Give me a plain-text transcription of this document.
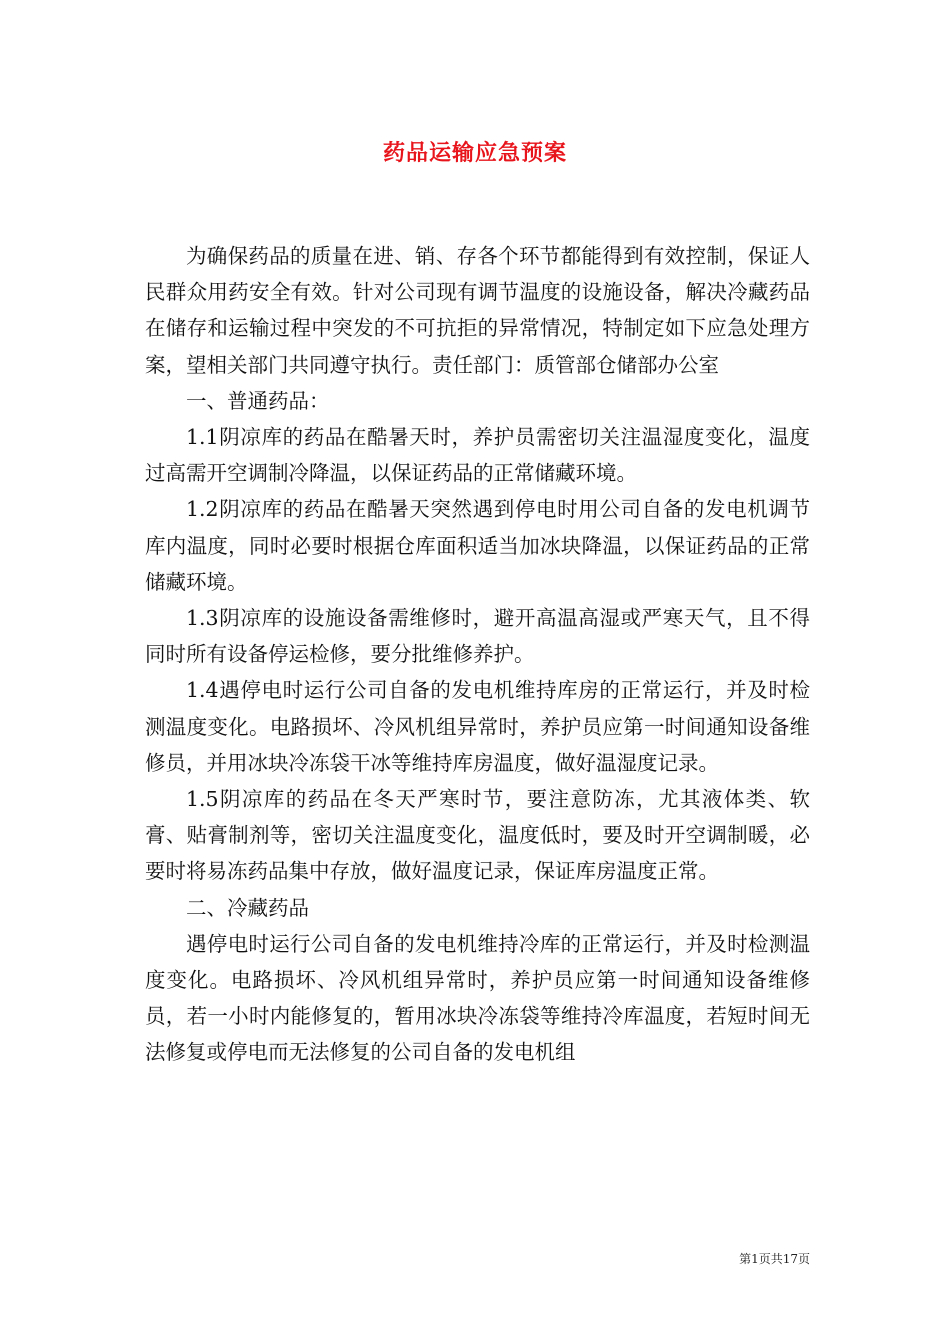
药品运输应急预案

为确保药品的质量在进、销、存各个环节都能得到有效控制，保证人民群众用药安全有效。针对公司现有调节温度的设施设备，解决冷藏药品在储存和运输过程中突发的不可抗拒的异常情况，特制定如下应急处理方案，望相关部门共同遵守执行。责任部门：质管部仓储部办公室

一、普通药品：

1.1阴凉库的药品在酷暑天时，养护员需密切关注温湿度变化，温度过高需开空调制冷降温，以保证药品的正常储藏环境。

1.2阴凉库的药品在酷暑天突然遇到停电时用公司自备的发电机调节库内温度，同时必要时根据仓库面积适当加冰块降温，以保证药品的正常储藏环境。

1.3阴凉库的设施设备需维修时，避开高温高湿或严寒天气，且不得同时所有设备停运检修，要分批维修养护。

1.4遇停电时运行公司自备的发电机维持库房的正常运行，并及时检测温度变化。电路损坏、冷风机组异常时，养护员应第一时间通知设备维修员，并用冰块冷冻袋干冰等维持库房温度，做好温湿度记录。

1.5阴凉库的药品在冬天严寒时节，要注意防冻，尤其液体类、软膏、贴膏制剂等，密切关注温度变化，温度低时，要及时开空调制暖，必要时将易冻药品集中存放，做好温度记录，保证库房温度正常。

二、冷藏药品

遇停电时运行公司自备的发电机维持冷库的正常运行，并及时检测温度变化。电路损坏、冷风机组异常时，养护员应第一时间通知设备维修员，若一小时内能修复的，暂用冰块冷冻袋等维持冷库温度，若短时间无法修复或停电而无法修复的公司自备的发电机组

第1页共17页
